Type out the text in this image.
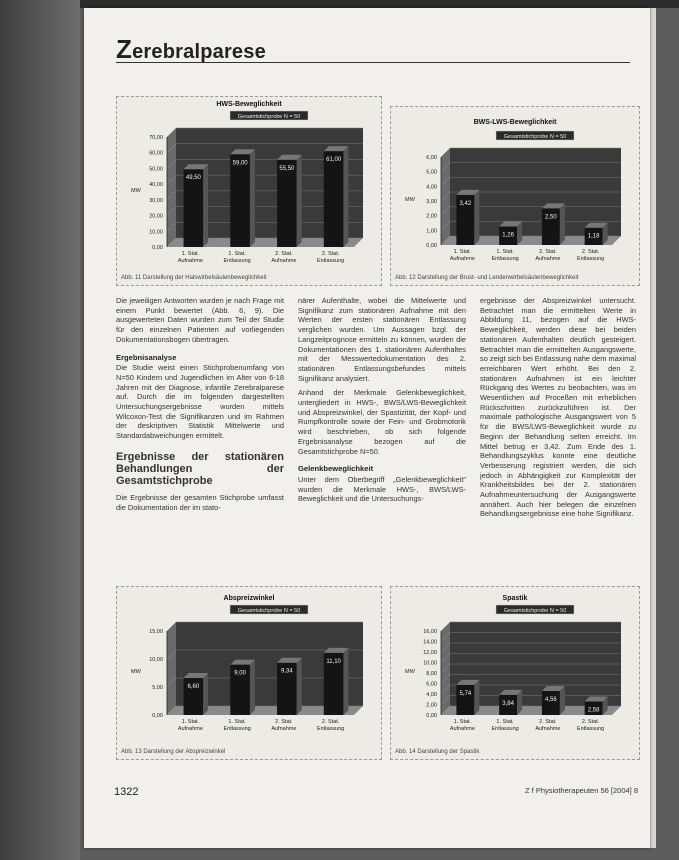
Zerebralparese
HWS-Beweglichkeit
0,00
10,00
20,00
30,00
40,00
50,00
60,00
70,00
MW
Gesamtstichprobe N = 50
49,50
1. Stat.
Aufnahme
59,00
1. Stat.
Entlassung
55,50
2. Stat.
Aufnahme
61,00
2. Stat.
Entlassung
Abb. 11 Darstellung der Halswirbelsäulenbeweglichkeit
BWS-LWS-Beweglichkeit
0,00
1,00
2,00
3,00
4,00
5,00
6,00
MW
Gesamtstichprobe N = 50
3,42
1. Stat.
Aufnahme
1,26
1. Stat.
Entlassung
2,50
2. Stat.
Aufnahme
1,18
2. Stat.
Entlassung
Abb. 12 Darstellung der Brust- und Lendenwirbelsäulenbeweglichkeit

Die jeweiligen Antworten wurden je nach Frage mit einem Punkt bewertet (Abb. 6, 9). Die ausgewerteten Daten wurden zum Teil der Studie für den einzelnen Patienten auf vorliegenden Dokumentationsbogen übertragen.

Ergebnisanalyse

Die Studie weist einen Stichprobenumfang von N=50 Kindern und Jugendlichen im Alter von 6-18 Jahren mit der Diagnose, infantile Zerebralparese auf. Durch die im folgenden dargestellten Untersuchungsergebnisse wurden mittels Wilcoxon-Test die Signifikanzen und im Rahmen der deskriptiven Statistik Mittelwerte und Standardabweichungen ermittelt.

Ergebnisse der stationären Behandlungen der Gesamtstichprobe

Die Ergebnisse der gesamten Stichprobe umfasst die Dokumentation der im stato-

närer Aufenthalte, wobei die Mittelwerte und Signifikanz zum stationären Aufnahme mit den Werten der ersten stationären Entlassung verglichen wurden. Um Aussagen bzgl. der Langzeitprognose ermitteln zu können, wurden die Dokumentationen des 1. stationären Aufenthaltes mit der Messwertedokumentation des 2. stationären Entlassungsbefundes mittels Signifikanz analysiert.

Anhand der Merkmale Gelenkbeweglichkeit, untergliedert in HWS-, BWS/LWS-Beweglichkeit und Abspreizwinkel, der Spastizität, der Kopf- und Rumpfkontrolle sowie der Fein- und Grobmotorik wird beschrieben, ob sich folgende Ergebnisanalyse bezogen auf die Gesamtstichprobe N=50.

Gelenkbeweglichkeit

Unter dem Oberbegriff „Gelenkbeweglichkeit" wurden die Merkmale HWS-, BWS/LWS-Beweglichkeit und die Untersuchungs-

ergebnisse der Abspreizwinkel untersucht. Betrachtet man die ermittelten Werte in Abbildung 11, bezogen auf die HWS-Beweglichkeit, werden diese bei beiden stationären Aufenthalten deutlich gesteigert. Betrachtet man die ermittelten Ausgangswerte, so zeigt sich bei Entlassung nahe dem maximal erreichbaren Wert erhöht. Bei den 2. stationären Aufnahmen ist ein leichter Rückgang des Wertes zu beobachten, was im Wesentlichen auf Proceßen mit erheblichen Rückschritten zurückzuführen ist. Der maximale pathologische Ausgangswert von 5 für die BWS/LWS-Beweglichkeit wurde zu Beginn der Behandlung selten erreicht. Im Mittel betrug er 3,42. Zum Ende des 1. Behandlungszyklus konnte eine deutliche Verbesserung registriert werden, die sich jedoch in Abhängigkeit zur Komplexität der Krankheitsbildes bei der 2. stationären Aufnahmeuntersuchung der Ausgangswerte annähert. Auch hier belegen die einzelnen Behandlungsergebnisse eine hohe Signifikanz.

Abspreizwinkel
0,00
5,00
10,00
15,00
MW
Gesamtstichprobe N = 50
6,60
1. Stat.
Aufnahme
9,00
1. Stat.
Entlassung
9,34
2. Stat.
Aufnahme
11,10
2. Stat.
Entlassung
Abb. 13 Darstellung der Abspreizwinkel
Spastik
0,00
2,00
4,00
6,00
8,00
10,00
12,00
14,00
16,00
MW
Gesamtstichprobe N = 50
5,74
1. Stat.
Aufnahme
3,84
1. Stat.
Entlassung
4,56
2. Stat.
Aufnahme
2,58
2. Stat.
Entlassung
Abb. 14 Darstellung der Spastik
1322	Z f Physiotherapeuten 56 [2004] 8
